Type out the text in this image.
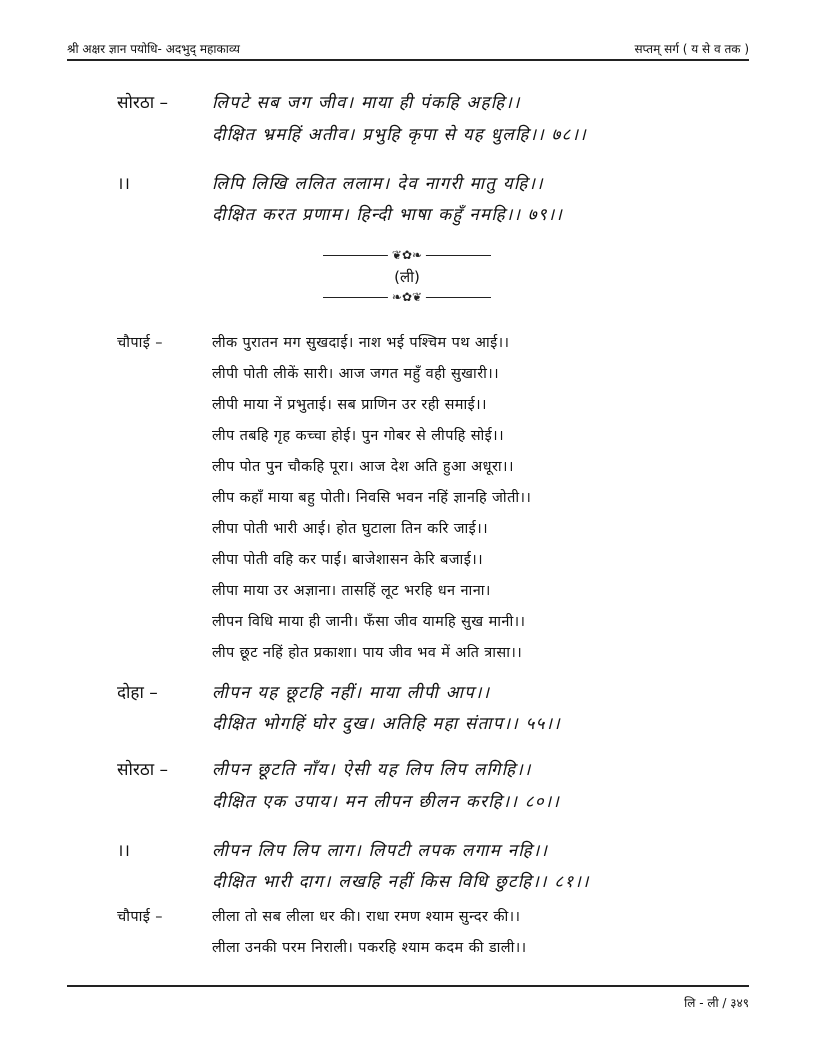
श्री अक्षर ज्ञान पयोधि- अदभुद् महाकाव्य	सप्तम् सर्ग ( य से व तक )
सोरठा –	लिपटे सब जग जीव। माया ही पंकहि अहहि।।
दीक्षित भ्रमहिं अतीव। प्रभुहि कृपा से यह धुलहि।। ७८।।
।।	लिपि लिखि ललित ललाम। देव नागरी मातु यहि।।
दीक्षित करत प्रणाम। हिन्दी भाषा कहुँ नमहि।। ७९।।
❦✿❧
(ली)
❧✿❦
चौपाई –	लीक पुरातन मग सुखदाई। नाश भई पश्चिम पथ आई।।
लीपी पोती लीकें सारी। आज जगत महुँ वही सुखारी।।
लीपी माया नें प्रभुताई। सब प्राणिन उर रही समाई।।
लीप तबहि गृह कच्चा होई। पुन गोबर से लीपहि सोई।।
लीप पोत पुन चौकहि पूरा। आज देश अति हुआ अधूरा।।
लीप कहाँ माया बहु पोती। निवसि भवन नहिं ज्ञानहि जोती।।
लीपा पोती भारी आई। होत घुटाला तिन करि जाई।।
लीपा पोती वहि कर पाई। बाजेशासन केरि बजाई।।
लीपा माया उर अज्ञाना। तासहिं लूट भरहि धन नाना।
लीपन विधि माया ही जानी। फँसा जीव यामहि सुख मानी।।
लीप छूट नहिं होत प्रकाशा। पाय जीव भव में अति त्रासा।।
दोहा –	लीपन यह छूटहि नहीं। माया लीपी आप।।
दीक्षित भोगहिं घोर दुख। अतिहि महा संताप।। ५५।।
सोरठा –	लीपन छूटति नाँय। ऐसी यह लिप लिप लगिहि।।
दीक्षित एक उपाय। मन लीपन छीलन करहि।। ८०।।
।।	लीपन लिप लिप लाग। लिपटी लपक लगाम नहि।।
दीक्षित भारी दाग। लखहि नहीं किस विधि छुटहि।। ८१।।
चौपाई –	लीला तो सब लीला धर की। राधा रमण श्याम सुन्दर की।।
लीला उनकी परम निराली। पकरहि श्याम कदम की डाली।।
लि - ली / ३४९
